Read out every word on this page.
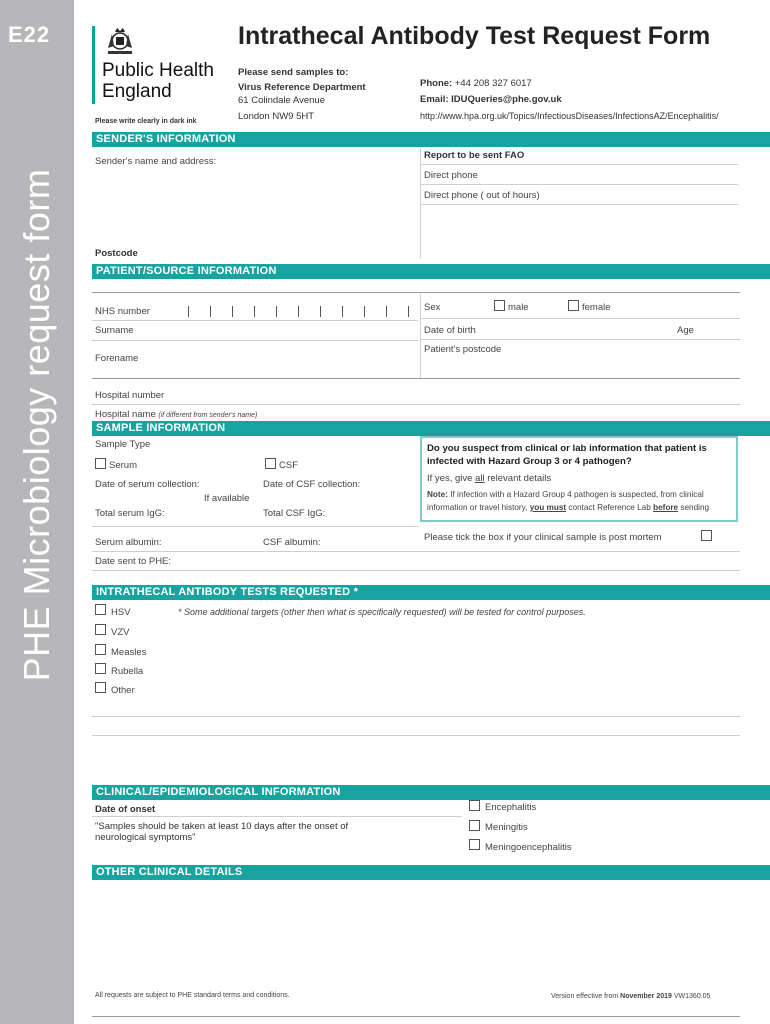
E22
PHE Microbiology request form
Public Health
England
Intrathecal Antibody Test Request Form
Please send samples to:
Virus Reference Department
61 Colindale Avenue
London NW9 5HT
Phone: +44 208 327 6017
Email: IDUQueries@phe.gov.uk
http://www.hpa.org.uk/Topics/InfectiousDiseases/InfectionsAZ/Encephalitis/
Please write clearly in dark ink
SENDER'S INFORMATION
Sender's name and address:
Report to be sent FAO
Direct phone
Direct phone ( out of hours)
Postcode
PATIENT/SOURCE INFORMATION
NHS number
Surname
Forename
Sex	male	female
Date of birth	Age
Patient's postcode
Hospital number
Hospital name (if different from sender's name)
SAMPLE INFORMATION
Sample Type
Serum	CSF
Date of serum collection:	Date of CSF collection:
If available
Total serum IgG:	Total CSF IgG:
Serum albumin:	CSF albumin:
Date sent to PHE:
Do you suspect from clinical or lab information that patient is infected with Hazard Group 3 or 4 pathogen?
If yes, give all relevant details
Note: If infection with a Hazard Group 4 pathogen is suspected, from clinical information or travel history, you must contact Reference Lab before sending
Please tick the box if your clinical sample is post mortem
INTRATHECAL ANTIBODY TESTS REQUESTED *
HSV
VZV
Measles
Rubella
Other
* Some additional targets (other then what is specifically requested) will be tested for control purposes.
CLINICAL/EPIDEMIOLOGICAL INFORMATION
Date of onset
"Samples should be taken at least 10 days after the onset of neurological symptoms"
Encephalitis
Meningitis
Meningoencephalitis
OTHER CLINICAL DETAILS
All requests are subject to PHE standard terms and conditions.	Version effective from November 2019 VW1360.05
